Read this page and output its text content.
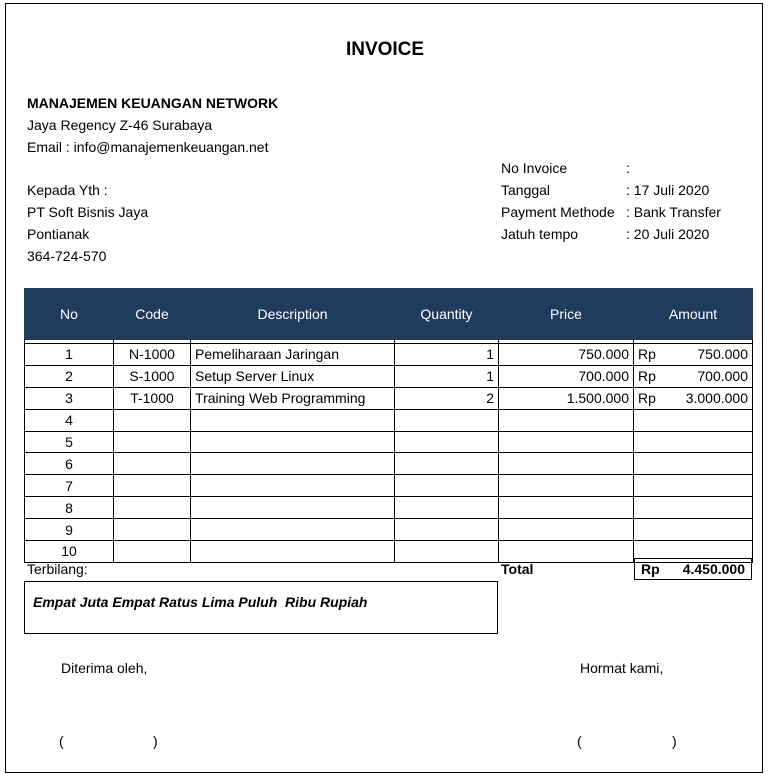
INVOICE
MANAJEMEN KEUANGAN NETWORK
Jaya Regency Z-46 Surabaya
Email : info@manajemenkeuangan.net
Kepada Yth :
PT Soft Bisnis Jaya
Pontianak
364-724-570
No Invoice	:
Tanggal	: 17 Juli 2020
Payment Methode : Bank Transfer
Jatuh tempo	: 20 Juli 2020
No	Code	Description	Quantity	Price	Amount

1	N-1000	Pemeliharaan Jaringan	1	750.000	Rp 750.000

2	S-1000	Setup Server Linux	1	700.000	Rp 700.000

3	T-1000	Training Web Programming	2	1.500.000	Rp 3.000.000

4					

5					

6					

7					

8					

9					

10					
Terbilang:	Total	Rp 4.450.000
Empat Juta Empat Ratus Lima Puluh  Ribu Rupiah
Diterima oleh,	Hormat kami,
(	)	(	)
